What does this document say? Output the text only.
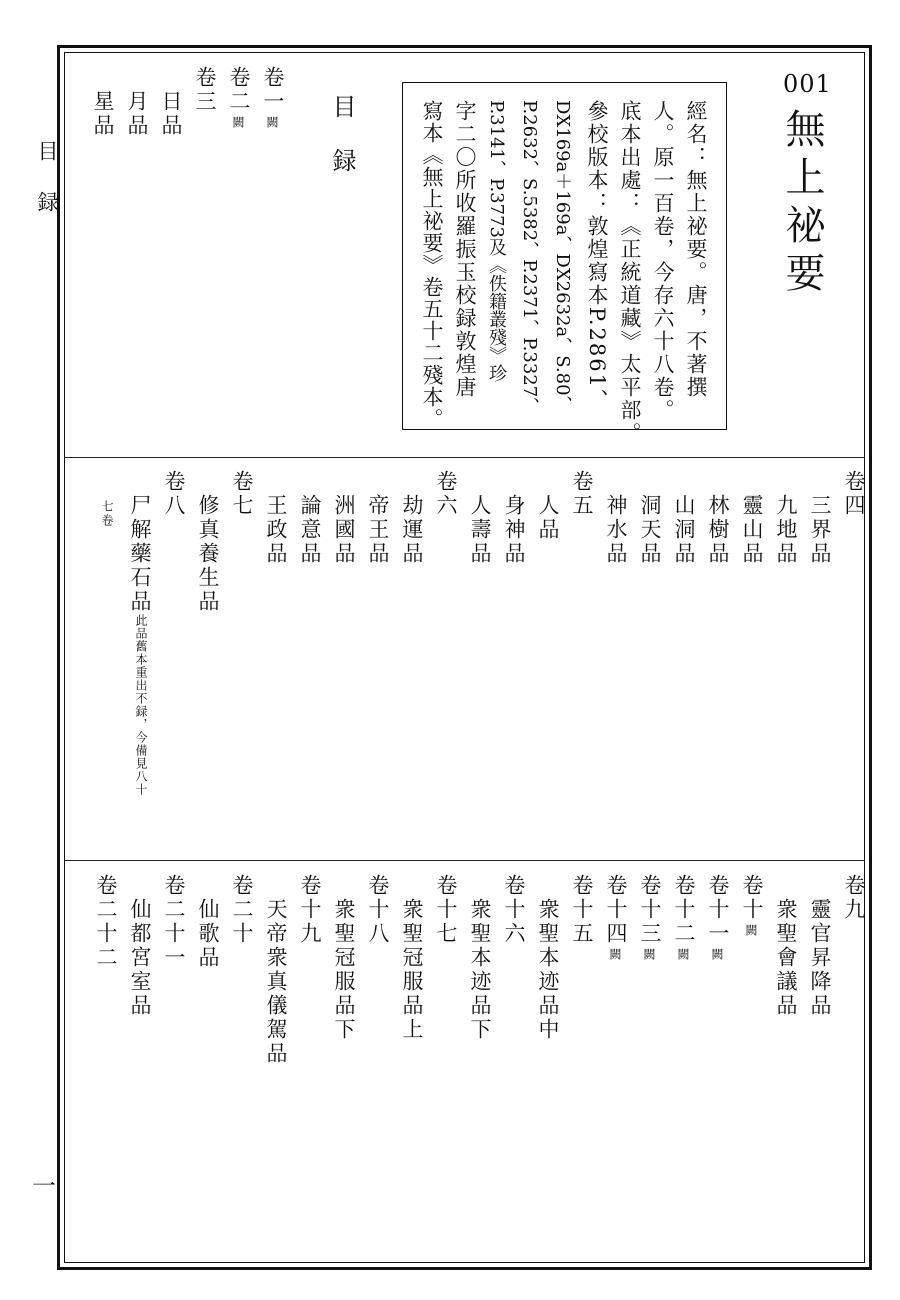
目録
一
001
無上祕要
目録	經名：無上祕要。唐，不著撰
人。原一百卷，今存六十八卷。
底本出處：《正統道藏》太平部。
參校版本：敦煌寫本P.2861、
DX169a＋169a、DX2632a、S.80、
P.2632、S.5382、P.2371、P.3327、
P.3141、P.3773及《佚籍叢殘》珍
字二〇所收羅振玉校録敦煌唐
寫本《無上祕要》卷五十二殘本。
卷一
闕
卷二
闕
卷三
日品
月品
星品
卷四
三界品
九地品
靈山品
林樹品
山洞品
洞天品
神水品
卷五
人品
身神品
人壽品
卷六
劫運品
帝王品
洲國品
論意品
王政品
卷七
修真養生品
卷八
尸解藥石品
此品舊本重出不録，今備見八十
七卷
卷九
靈官昇降品
衆聖會議品
卷十
闕
卷十一
闕
卷十二
闕
卷十三
闕
卷十四
闕
卷十五
衆聖本迹品中
卷十六
衆聖本迹品下
卷十七
衆聖冠服品上
卷十八
衆聖冠服品下
卷十九
天帝衆真儀駕品
卷二十
仙歌品
卷二十一
仙都宮室品
卷二十二
